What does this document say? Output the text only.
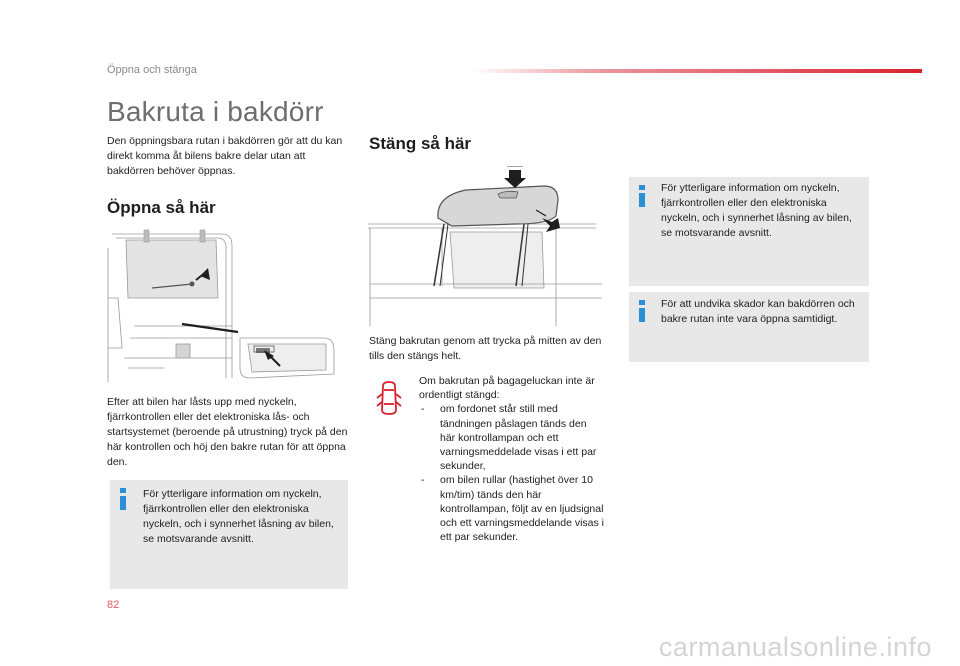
Öppna och stänga
Bakruta i bakdörr

Den öppningsbara rutan i bakdörren gör att du kan direkt komma åt bilens bakre delar utan att bakdörren behöver öppnas.

Öppna så här

Efter att bilen har låsts upp med nyckeln, fjärrkontrollen eller det elektroniska lås- och startsystemet (beroende på utrustning) tryck på den här kontrollen och höj den bakre rutan för att öppna den.

För ytterligare information om nyckeln, fjärrkontrollen eller den elektroniska nyckeln, och i synnerhet låsning av bilen, se motsvarande avsnitt.

Stäng så här

Stäng bakrutan genom att trycka på mitten av den tills den stängs helt.

Om bakrutan på bagageluckan inte är ordentligt stängd:
- om fordonet står still med tändningen påslagen tänds den här kontrollampan och ett varningsmeddelade visas i ett par sekunder,
- om bilen rullar (hastighet över 10 km/tim) tänds den här kontrollampan, följt av en ljudsignal och ett varningsmeddelande visas i ett par sekunder.

För ytterligare information om nyckeln, fjärrkontrollen eller den elektroniska nyckeln, och i synnerhet låsning av bilen, se motsvarande avsnitt.

För att undvika skador kan bakdörren och bakre rutan inte vara öppna samtidigt.

82
carmanualsonline.info
